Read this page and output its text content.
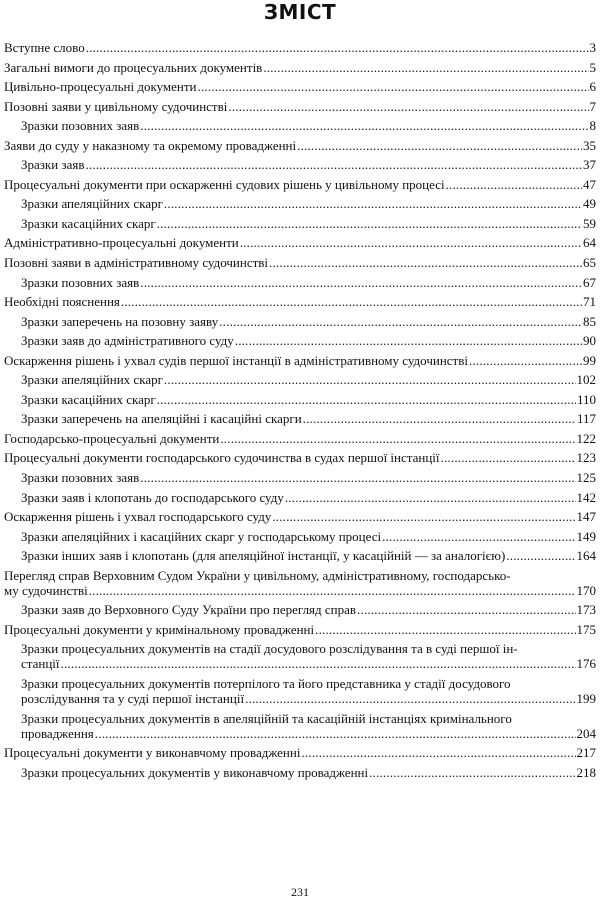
ЗМІСТ
Вступне слово .....	3
Загальні вимоги до процесуальних документів .....	5
Цивільно-процесуальні документи .....	6
Позовні заяви у цивільному судочинстві .....	7
Зразки позовних заяв .....	8
Заяви до суду у наказному та окремому провадженні .....	35
Зразки заяв .....	37
Процесуальні документи при оскарженні судових рішень у цивільному процесі .....	47
Зразки апеляційних скарг .....	49
Зразки касаційних скарг .....	59
Адміністративно-процесуальні документи .....	64
Позовні заяви в адміністративному судочинстві .....	65
Зразки позовних заяв .....	67
Необхідні пояснення .....	71
Зразки заперечень на позовну заяву .....	85
Зразки заяв до адміністративного суду .....	90
Оскарження рішень і ухвал судів першої інстанції в адміністративному судочинстві .....	99
Зразки апеляційних скарг .....	102
Зразки касаційних скарг .....	110
Зразки заперечень на апеляційні і касаційні скарги .....	117
Господарсько-процесуальні документи .....	122
Процесуальні документи господарського судочинства в судах першої інстанції .....	123
Зразки позовних заяв .....	125
Зразки заяв і клопотань до господарського суду .....	142
Оскарження рішень і ухвал господарського суду .....	147
Зразки апеляційних і касаційних скарг у господарському процесі .....	149
Зразки інших заяв і клопотань (для апеляційної інстанції, у касаційній — за аналогією) .....	164
Перегляд справ Верховним Судом України у цивільному, адміністративному, господарсько-
му судочинстві .....	170
Зразки заяв до Верховного Суду України про перегляд справ .....	173
Процесуальні документи у кримінальному провадженні .....	175
Зразки процесуальних документів на стадії досудового розслідування та в суді першої ін-
станції .....	176
Зразки процесуальних документів потерпілого та його представника у стадії досудового
розслідування та у суді першої інстанції .....	199
Зразки процесуальних документів в апеляційній та касаційній інстанціях кримінального
провадження .....	204
Процесуальні документи у виконавчому провадженні .....	217
Зразки процесуальних документів у виконавчому провадженні .....	218
231
